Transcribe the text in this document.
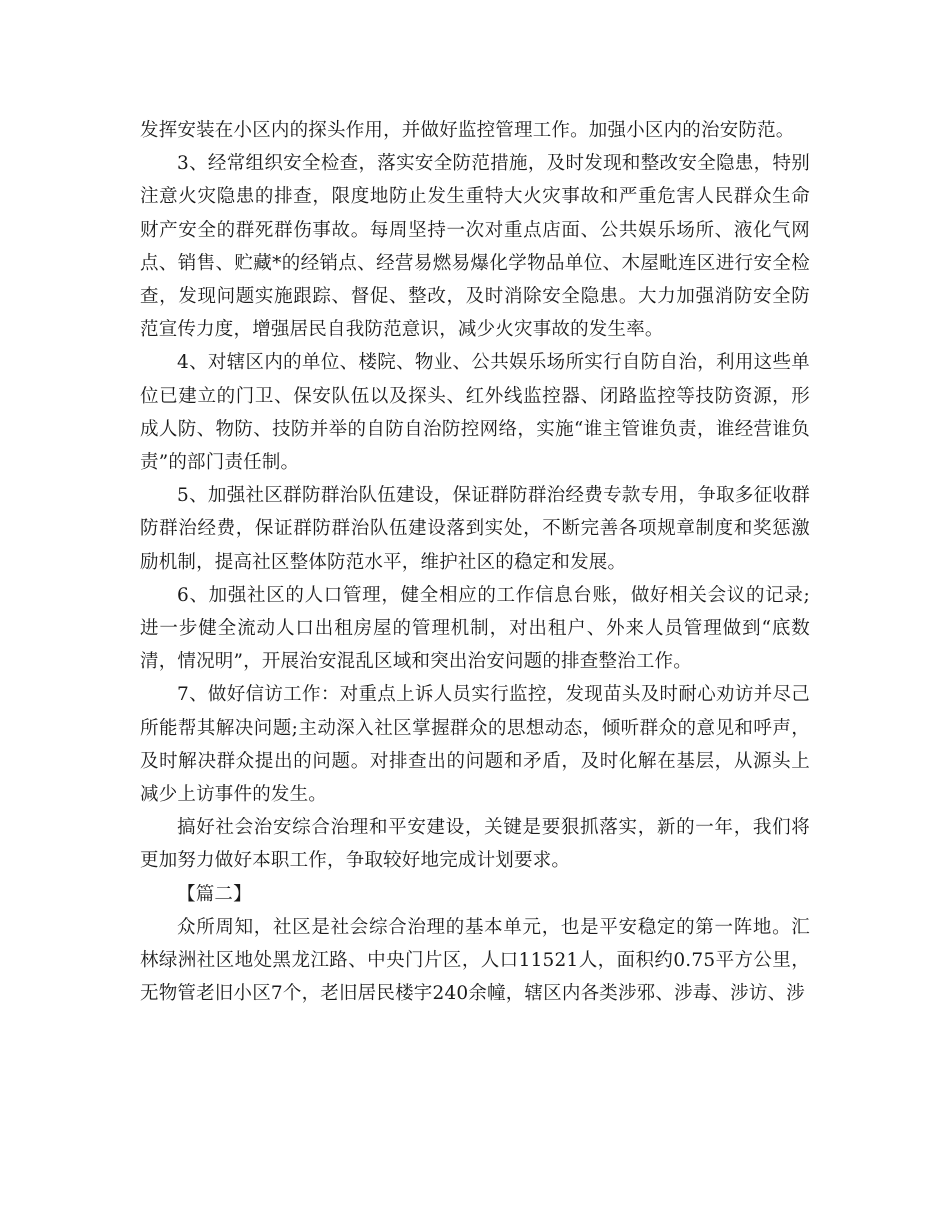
发挥安装在小区内的探头作用，并做好监控管理工作。加强小区内的治安防范。

3、经常组织安全检查，落实安全防范措施，及时发现和整改安全隐患，特别注意火灾隐患的排查，限度地防止发生重特大火灾事故和严重危害人民群众生命财产安全的群死群伤事故。每周坚持一次对重点店面、公共娱乐场所、液化气网点、销售、贮藏*的经销点、经营易燃易爆化学物品单位、木屋毗连区进行安全检查，发现问题实施跟踪、督促、整改，及时消除安全隐患。大力加强消防安全防范宣传力度，增强居民自我防范意识，减少火灾事故的发生率。

4、对辖区内的单位、楼院、物业、公共娱乐场所实行自防自治，利用这些单位已建立的门卫、保安队伍以及探头、红外线监控器、闭路监控等技防资源，形成人防、物防、技防并举的自防自治防控网络，实施“谁主管谁负责，谁经营谁负责”的部门责任制。

5、加强社区群防群治队伍建设，保证群防群治经费专款专用，争取多征收群防群治经费，保证群防群治队伍建设落到实处，不断完善各项规章制度和奖惩激励机制，提高社区整体防范水平，维护社区的稳定和发展。

6、加强社区的人口管理，健全相应的工作信息台账，做好相关会议的记录;进一步健全流动人口出租房屋的管理机制，对出租户、外来人员管理做到“底数清，情况明”，开展治安混乱区域和突出治安问题的排查整治工作。

7、做好信访工作：对重点上诉人员实行监控，发现苗头及时耐心劝访并尽己所能帮其解决问题;主动深入社区掌握群众的思想动态，倾听群众的意见和呼声，及时解决群众提出的问题。对排查出的问题和矛盾，及时化解在基层，从源头上减少上访事件的发生。

搞好社会治安综合治理和平安建设，关键是要狠抓落实，新的一年，我们将更加努力做好本职工作，争取较好地完成计划要求。

【篇二】

众所周知，社区是社会综合治理的基本单元，也是平安稳定的第一阵地。汇林绿洲社区地处黑龙江路、中央门片区，人口11521人，面积约0.75平方公里，无物管老旧小区7个，老旧居民楼宇240余幢，辖区内各类涉邪、涉毒、涉访、涉
